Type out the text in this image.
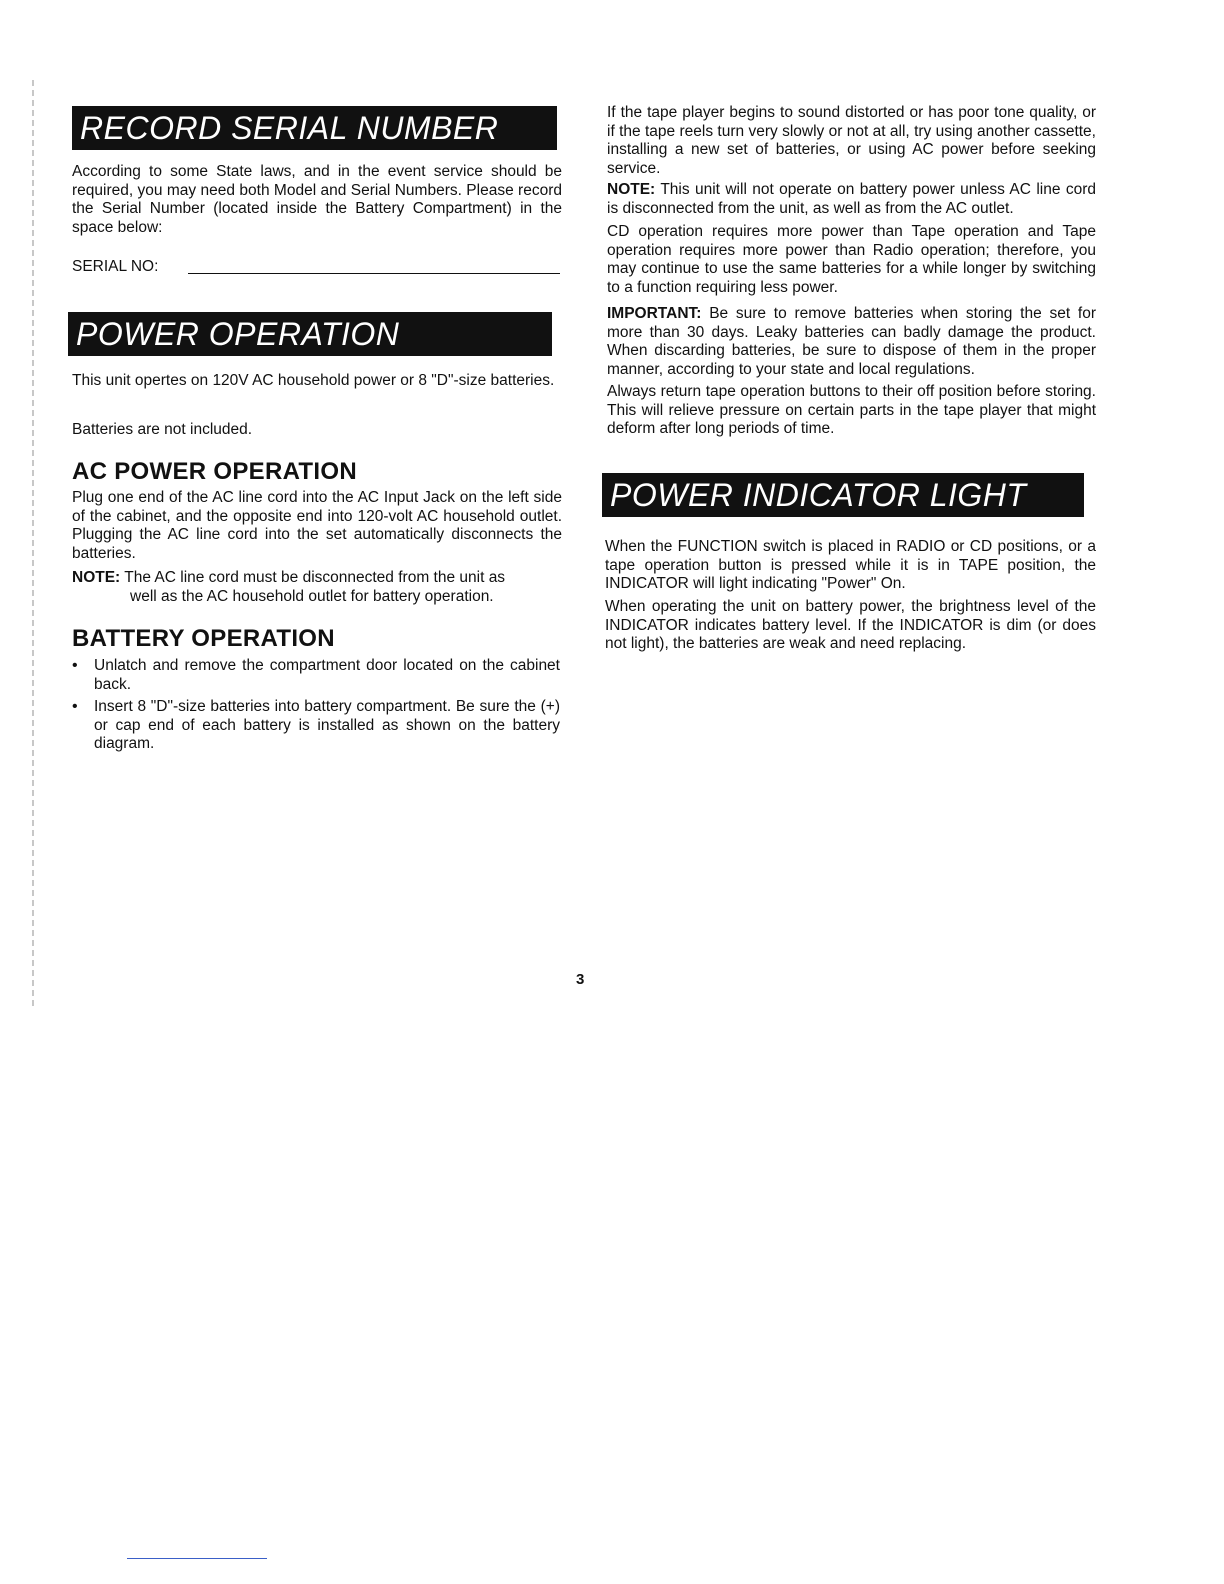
RECORD SERIAL NUMBER

According to some State laws, and in the event service should be required, you may need both Model and Serial Numbers. Please record the Serial Number (located inside the Battery Compartment) in the space below:

SERIAL NO:
POWER OPERATION

This unit opertes on 120V AC household power or 8 "D"-size batteries.

Batteries are not included.

AC POWER OPERATION

Plug one end of the AC line cord into the AC Input Jack on the left side of the cabinet, and the opposite end into 120-volt AC household outlet. Plugging the AC line cord into the set automatically disconnects the batteries.

NOTE: The AC line cord must be disconnected from the unit as
well as the AC household outlet for battery operation.

BATTERY OPERATION
• Unlatch and remove the compartment door located on the cabinet back.

• Insert 8 "D"-size batteries into battery compartment. Be sure the (+) or cap end of each battery is installed as shown on the battery diagram.

If the tape player begins to sound distorted or has poor tone quality, or if the tape reels turn very slowly or not at all, try using another cassette, installing a new set of batteries, or using AC power before seeking service.

NOTE: This unit will not operate on battery power unless AC line cord is disconnected from the unit, as well as from the AC outlet.

CD operation requires more power than Tape operation and Tape operation requires more power than Radio operation; therefore, you may continue to use the same batteries for a while longer by switching to a function requiring less power.

IMPORTANT: Be sure to remove batteries when storing the set for more than 30 days. Leaky batteries can badly damage the product. When discarding batteries, be sure to dispose of them in the proper manner, according to your state and local regulations.

Always return tape operation buttons to their off position before storing. This will relieve pressure on certain parts in the tape player that might deform after long periods of time.

POWER INDICATOR LIGHT

When the FUNCTION switch is placed in RADIO or CD positions, or a tape operation button is pressed while it is in TAPE position, the INDICATOR will light indicating "Power" On.

When operating the unit on battery power, the brightness level of the INDICATOR indicates battery level. If the INDICATOR is dim (or does not light), the batteries are weak and need replacing.

3
